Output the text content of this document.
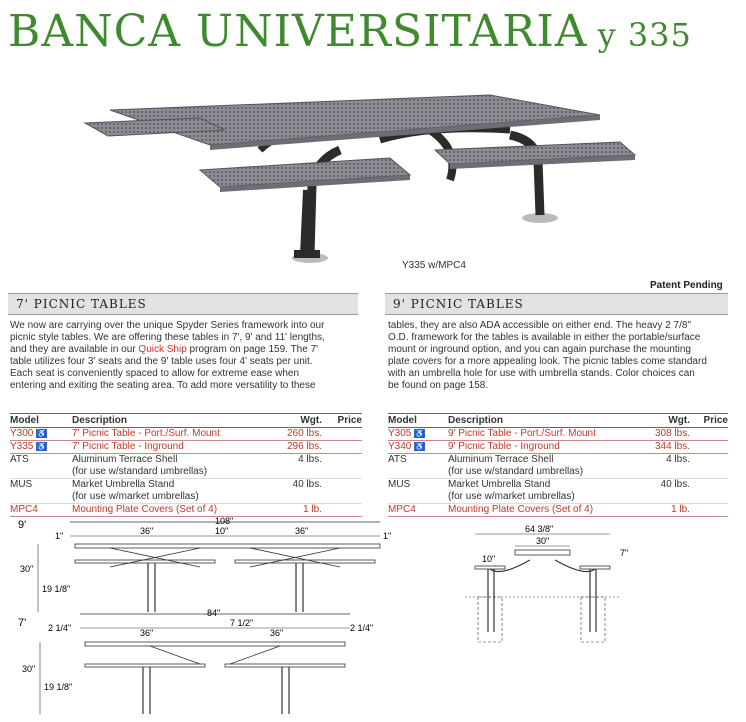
BANCA UNIVERSITARIA y 335
Y335 w/MPC4
Patent Pending
7' PICNIC TABLES	9' PICNIC TABLES
We now are carrying over the unique Spyder Series framework into our
picnic style tables. We are offering these tables in 7', 9' and 11' lengths,
and they are available in our Quick Ship program on page 159. The 7'
table utilizes four 3' seats and the 9' table uses four 4' seats per unit.
Each seat is conveniently spaced to allow for extreme ease when
entering and exiting the seating area. To add more versatility to these
tables, they are also ADA accessible on either end. The heavy 2 7/8"
O.D. framework for the tables is available in either the portable/surface
mount or inground option, and you can again purchase the mounting
plate covers for a more appealing look. The picnic tables come standard
with an umbrella hole for use with umbrella stands. Color choices can
be found on page 158.
Model	Description	Wgt.	Price
Y300 ♿	7' Picnic Table - Port./Surf. Mount	260 lbs.	
Y335 ♿	7' Picnic Table - Inground	296 lbs.	
ATS	Aluminum Terrace Shell
(for use w/standard umbrellas)	4 lbs.	
MUS	Market Umbrella Stand
(for use w/market umbrellas)	40 lbs.	
MPC4	Mounting Plate Covers (Set of 4)	1 lb.	
Model	Description	Wgt.	Price
Y305 ♿	9' Picnic Table - Port./Surf. Mount	308 lbs.	
Y340 ♿	9' Picnic Table - Inground	344 lbs.	
ATS	Aluminum Terrace Shell
(for use w/standard umbrellas)	4 lbs.	
MUS	Market Umbrella Stand
(for use w/market umbrellas)	40 lbs.	
MPC4	Mounting Plate Covers (Set of 4)	1 lb.	
9'	108"
1"	36"	10"	36"	1"
30"
19 1/8"
7'
84"
2 1/4"	36"
7 1/2"
36"	2 1/4"
30"
19 1/8"
64 3/8"
30"
10"
7"
